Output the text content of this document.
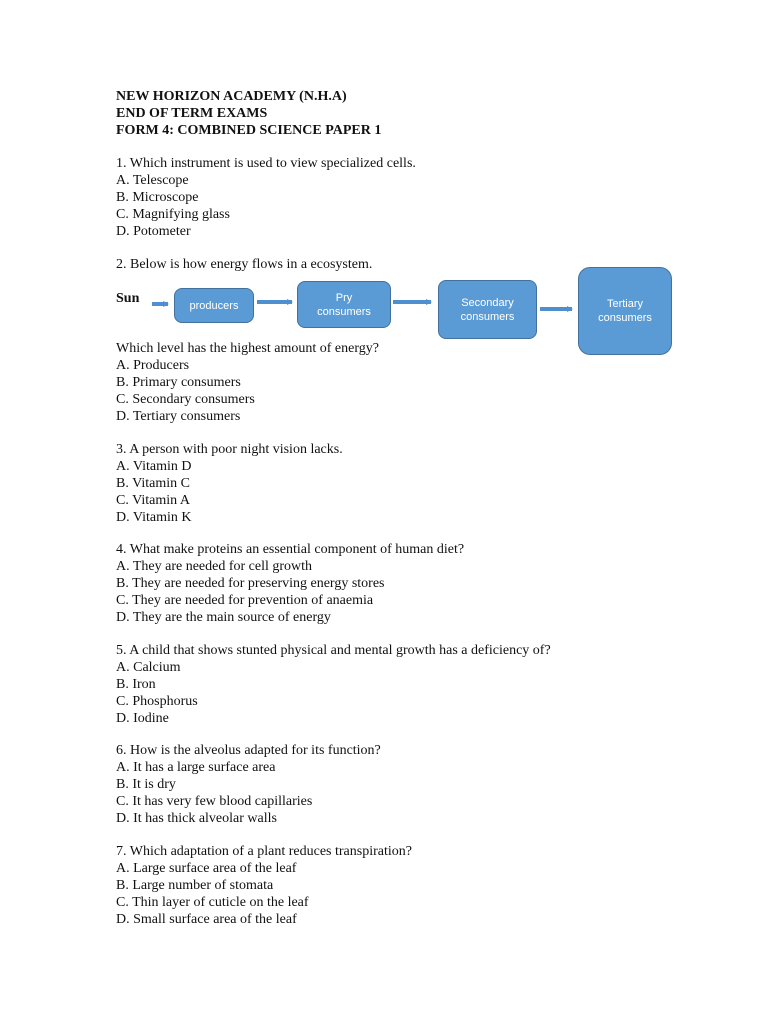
NEW HORIZON ACADEMY (N.H.A)
END OF TERM EXAMS
FORM 4: COMBINED SCIENCE PAPER 1
1. Which instrument is used to view specialized cells.
A. Telescope
B. Microscope
C. Magnifying glass
D. Potometer
2. Below is how energy flows in a ecosystem.
Sun	producers
Pry
consumers
Secondary
consumers
Tertiary
consumers
Which level has the highest amount of energy?
A. Producers
B. Primary consumers
C. Secondary consumers
D. Tertiary consumers
3. A person with poor night vision lacks.
A. Vitamin D
B. Vitamin C
C. Vitamin A
D. Vitamin K
4. What make proteins an essential component of human diet?
A. They are needed for cell growth
B. They are needed for preserving energy stores
C. They are needed for prevention of anaemia
D. They are the main source of energy
5. A child that shows stunted physical and mental growth has a deficiency of?
A. Calcium
B. Iron
C. Phosphorus
D. Iodine
6. How is the alveolus adapted for its function?
A. It has a large surface area
B. It is dry
C. It has very few blood capillaries
D. It has thick alveolar walls
7. Which adaptation of a plant reduces transpiration?
A. Large surface area of the leaf
B. Large number of stomata
C. Thin layer of cuticle on the leaf
D. Small surface area of the leaf
